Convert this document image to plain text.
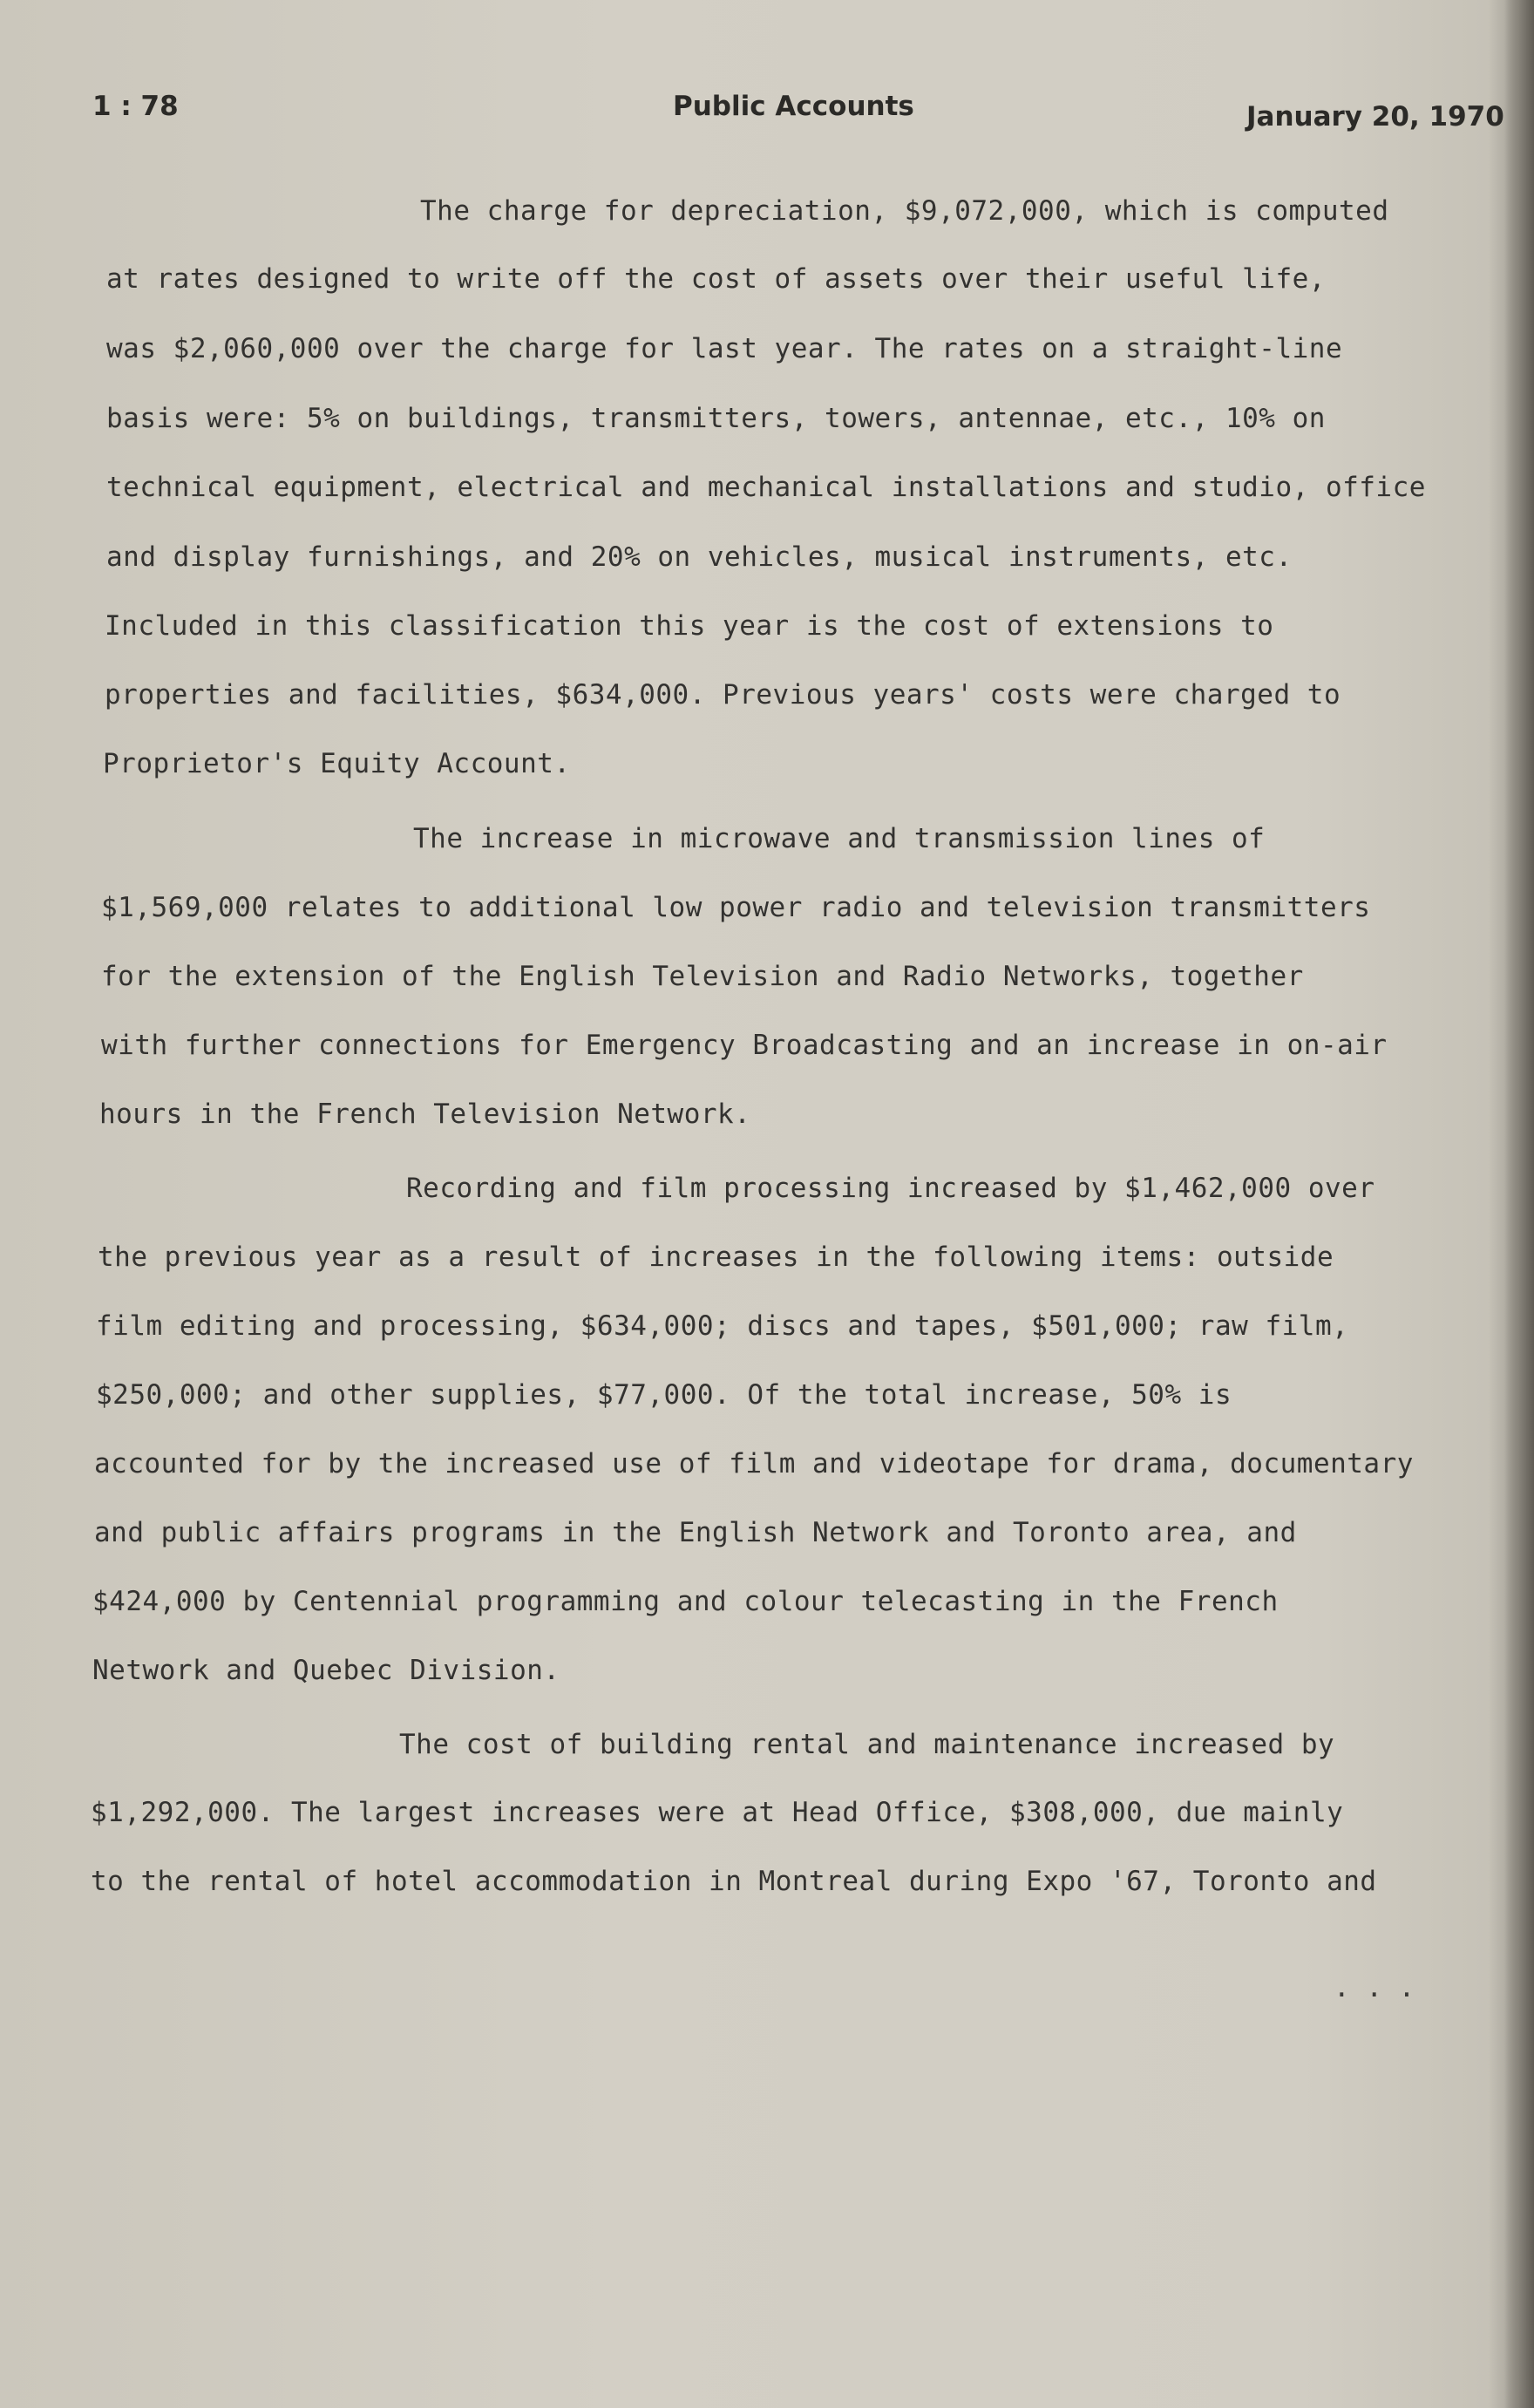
1 : 78	Public Accounts	January 20, 1970
The charge for depreciation, $9,072,000, which is computed
at rates designed to write off the cost of assets over their useful life,
was $2,060,000 over the charge for last year. The rates on a straight-line
basis were: 5% on buildings, transmitters, towers, antennae, etc., 10% on
technical equipment, electrical and mechanical installations and studio, office
and display furnishings, and 20% on vehicles, musical instruments, etc.
Included in this classification this year is the cost of extensions to
properties and facilities, $634,000. Previous years' costs were charged to
Proprietor's Equity Account.
The increase in microwave and transmission lines of
$1,569,000 relates to additional low power radio and television transmitters
for the extension of the English Television and Radio Networks, together
with further connections for Emergency Broadcasting and an increase in on-air
hours in the French Television Network.
Recording and film processing increased by $1,462,000 over
the previous year as a result of increases in the following items: outside
film editing and processing, $634,000; discs and tapes, $501,000; raw film,
$250,000; and other supplies, $77,000. Of the total increase, 50% is
accounted for by the increased use of film and videotape for drama, documentary
and public affairs programs in the English Network and Toronto area, and
$424,000 by Centennial programming and colour telecasting in the French
Network and Quebec Division.
The cost of building rental and maintenance increased by
$1,292,000. The largest increases were at Head Office, $308,000, due mainly
to the rental of hotel accommodation in Montreal during Expo '67, Toronto and
. . .
